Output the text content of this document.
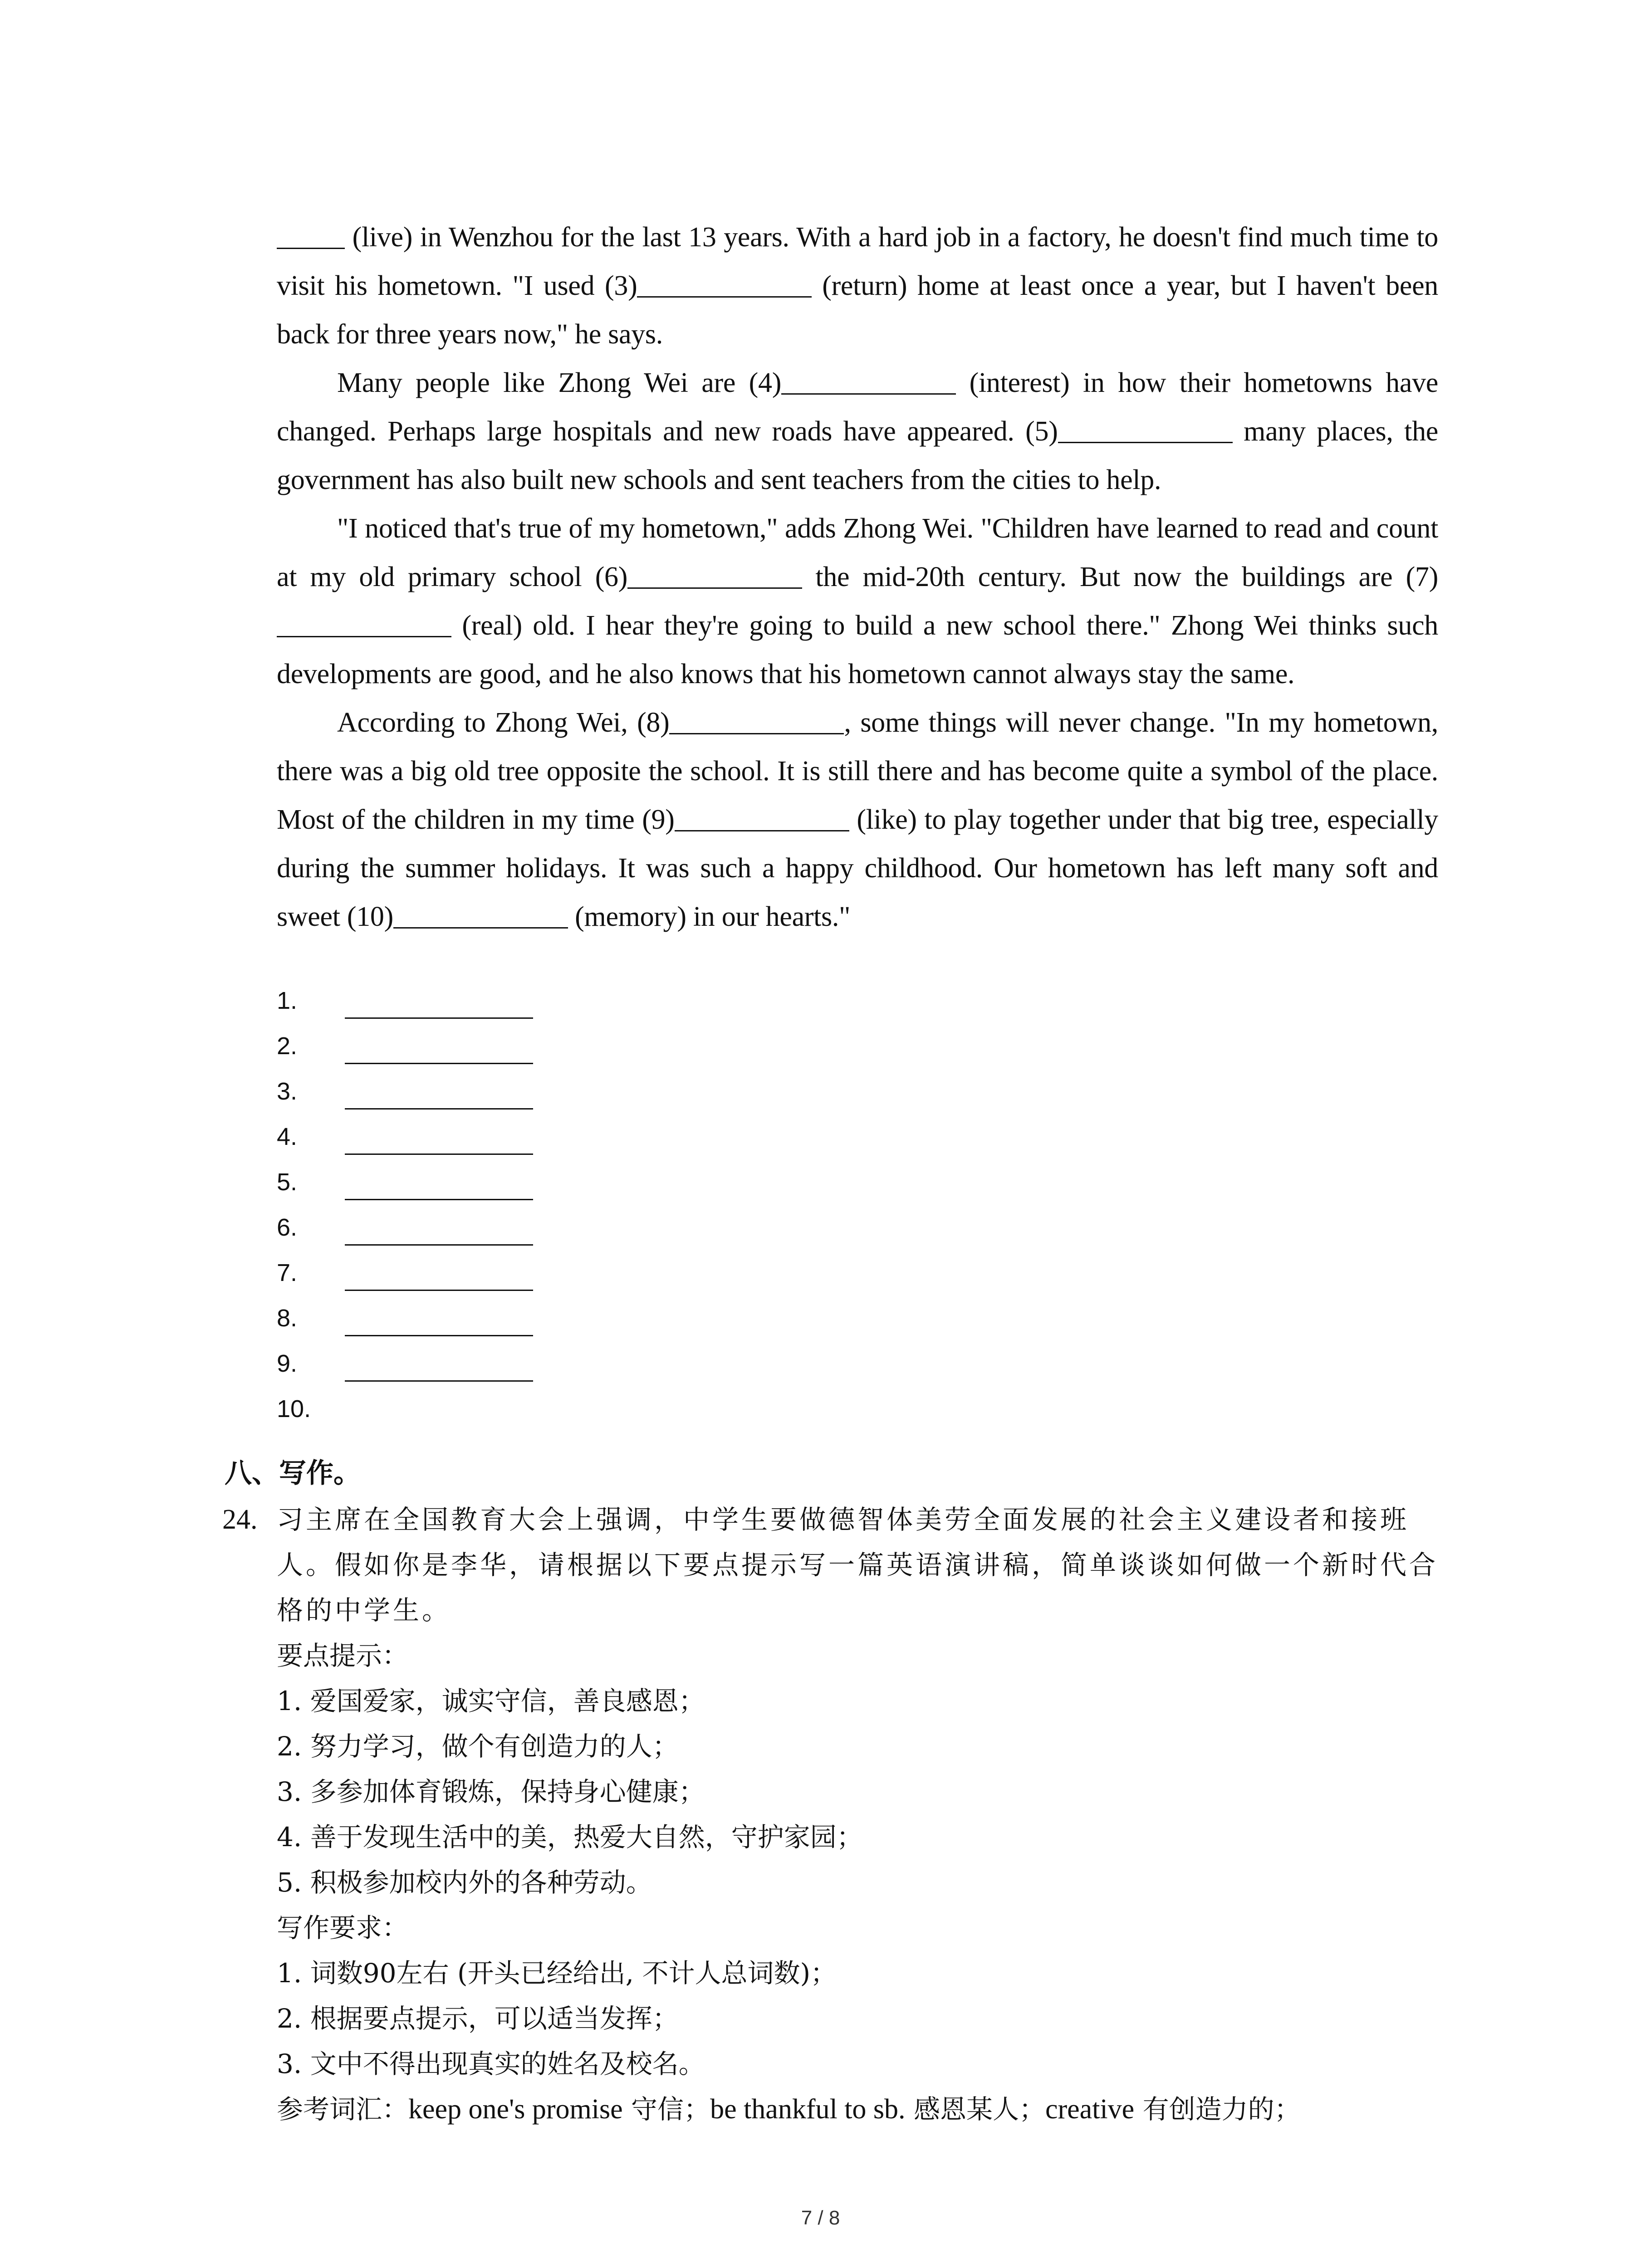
(live) in Wenzhou for the last 13 years. With a hard job in a factory, he doesn't find much time to visit his hometown. "I used (3)	(return) home at least once a year, but I haven't been back for three years now," he says.

Many people like Zhong Wei are (4)	(interest) in how their hometowns have changed. Perhaps large hospitals and new roads have appeared. (5)	many places, the government has also built new schools and sent teachers from the cities to help.

"I noticed that's true of my hometown," adds Zhong Wei. "Children have learned to read and count at my old primary school (6)	the mid-20th century. But now the buildings are (7) (real) old. I hear they're going to build a new school there." Zhong Wei thinks such developments are good, and he also knows that his hometown cannot always stay the same.

According to Zhong Wei, (8)	, some things will never change. "In my hometown, there was a big old tree opposite the school. It is still there and has become quite a symbol of the place. Most of the children in my time (9)	(like) to play together under that big tree, especially during the summer holidays. It was such a happy childhood. Our hometown has left many soft and sweet (10)	(memory) in our hearts."

1.
2.
3.
4.
5.
6.
7.
8.
9.
10.
八、写作。
24. 习主席在全国教育大会上强调，中学生要做德智体美劳全面发展的社会主义建设者和接班人。假如你是李华，请根据以下要点提示写一篇英语演讲稿，简单谈谈如何做一个新时代合格的中学生。
要点提示：
1. 爱国爱家，诚实守信，善良感恩；
2. 努力学习，做个有创造力的人；
3. 多参加体育锻炼，保持身心健康；
4. 善于发现生活中的美，热爱大自然，守护家园；
5. 积极参加校内外的各种劳动。
写作要求：
1. 词数90左右 (开头已经给出, 不计人总词数)；
2. 根据要点提示，可以适当发挥；
3. 文中不得出现真实的姓名及校名。
参考词汇：keep one's promise 守信；be thankful to sb. 感恩某人；creative 有创造力的；
7 / 8
